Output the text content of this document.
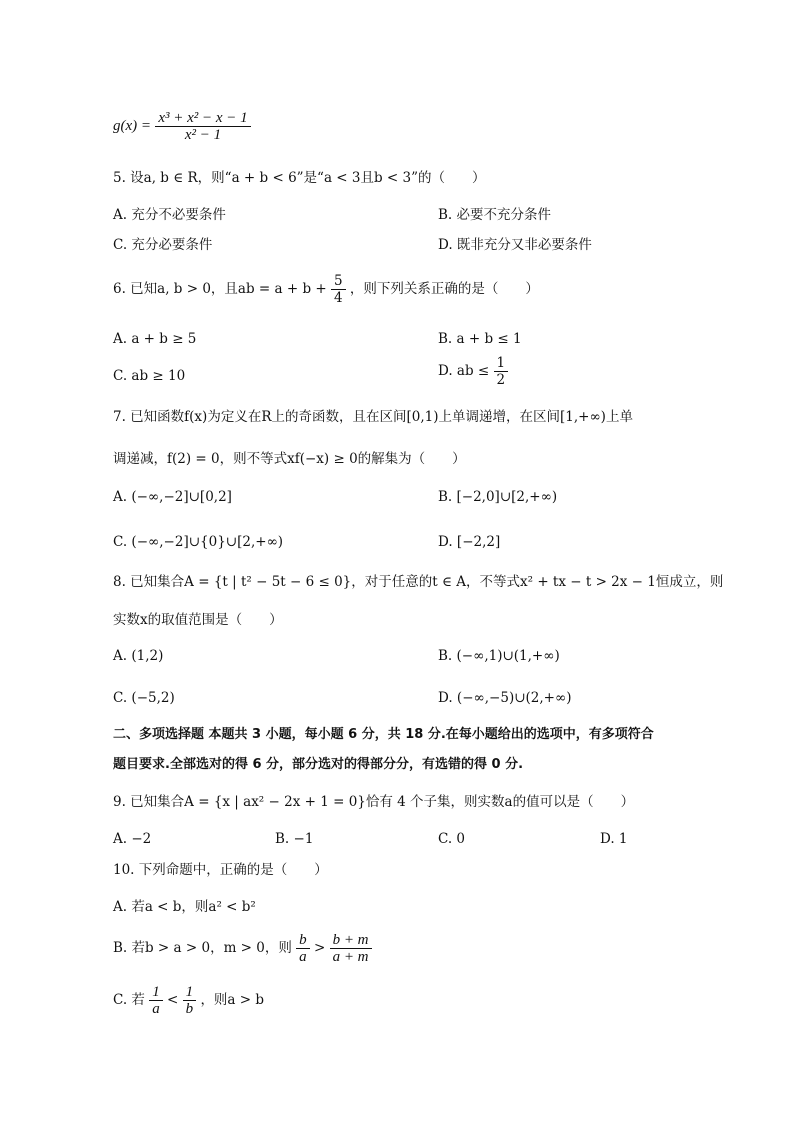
$g(x) = \frac{\text{x³ + x² − x − 1}}{\text{x² − 1}}$
5. 设a, b ∈ R，则“a + b < 6”是“a < 3且b < 3”的（　　）
A. 充分不必要条件	B. 必要不充分条件
C. 充分必要条件	D. 既非充分又非必要条件
6. 已知a, b > 0，且ab = $a + b + \frac{5}{4}$ ，则下列关系正确的是（　　）
A. a + b ≥ 5	B. a + b ≤ 1
C. ab ≥ 10	D. ab ≤ $\frac{1}{2}$
7. 已知函数f(x)为定义在R上的奇函数，且在区间[0,1)上单调递增，在区间[1,+∞)上单
调递减，f(2) = 0，则不等式xf(−x) ≥ 0的解集为（　　）
A. (−∞,−2]∪[0,2]	B. [−2,0]∪[2,+∞)
C. (−∞,−2]∪{0}∪[2,+∞)	D. [−2,2]
8. 已知集合A = {t | t² − 5t − 6 ≤ 0}，对于任意的t ∈ A，不等式x² + tx − t > 2x − 1恒成立，则
实数x的取值范围是（　　）
A. (1,2)	B. (−∞,1)∪(1,+∞)
C. (−5,2)	D. (−∞,−5)∪(2,+∞)
二、多项选择题 本题共 3 小题，每小题 6 分，共 18 分.在每小题给出的选项中，有多项符合
题目要求.全部选对的得 6 分，部分选对的得部分分，有选错的得 0 分.
9. 已知集合A = {x | ax² − 2x + 1 = 0}恰有 4 个子集，则实数a的值可以是（　　）
A. −2	B. −1	C. 0	D. 1
10. 下列命题中，正确的是（　　）
A. 若a < b，则a² < b²
B. 若b > a > 0，m > 0，则 $\frac{b}{a} > \frac{b + m}{a + m}$
C. 若 $\frac{1}{a} < \frac{1}{b}$ ，则a > b
